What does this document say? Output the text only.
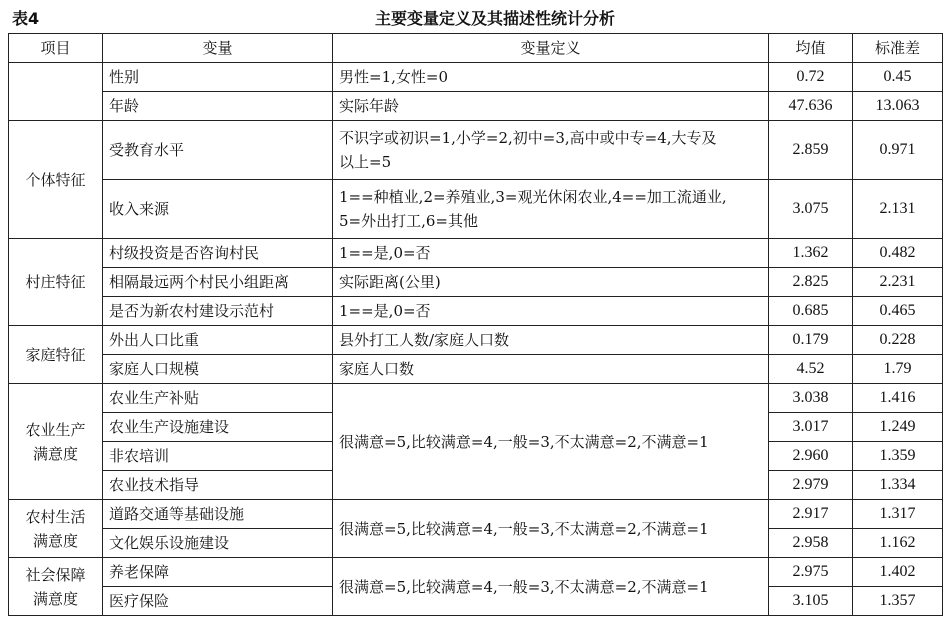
表4	主要变量定义及其描述性统计分析
项目	变量	变量定义	均值	标准差
	性别	男性=1,女性=0	0.72	0.45
	年龄	实际年龄	47.636	13.063
个体特征	受教育水平	不识字或初识=1,小学=2,初中=3,高中或中专=4,大专及
以上=5	2.859	0.971
	收入来源	1==种植业,2=养殖业,3=观光休闲农业,4==加工流通业,
5=外出打工,6=其他	3.075	2.131
村庄特征	村级投资是否咨询村民	1==是,0=否	1.362	0.482
	相隔最远两个村民小组距离	实际距离(公里)	2.825	2.231
	是否为新农村建设示范村	1==是,0=否	0.685	0.465
家庭特征	外出人口比重	县外打工人数/家庭人口数	0.179	0.228
	家庭人口规模	家庭人口数	4.52	1.79

农业生产
满意度	农业生产补贴	很满意=5,比较满意=4,一般=3,不太满意=2,不满意=1	3.038	1.416
	农业生产设施建设		3.017	1.249
	非农培训		2.960	1.359
	农业技术指导		2.979	1.334

农村生活
满意度	道路交通等基础设施	很满意=5,比较满意=4,一般=3,不太满意=2,不满意=1	2.917	1.317
	文化娱乐设施建设		2.958	1.162

社会保障
满意度	养老保障	很满意=5,比较满意=4,一般=3,不太满意=2,不满意=1	2.975	1.402
	医疗保险		3.105	1.357
